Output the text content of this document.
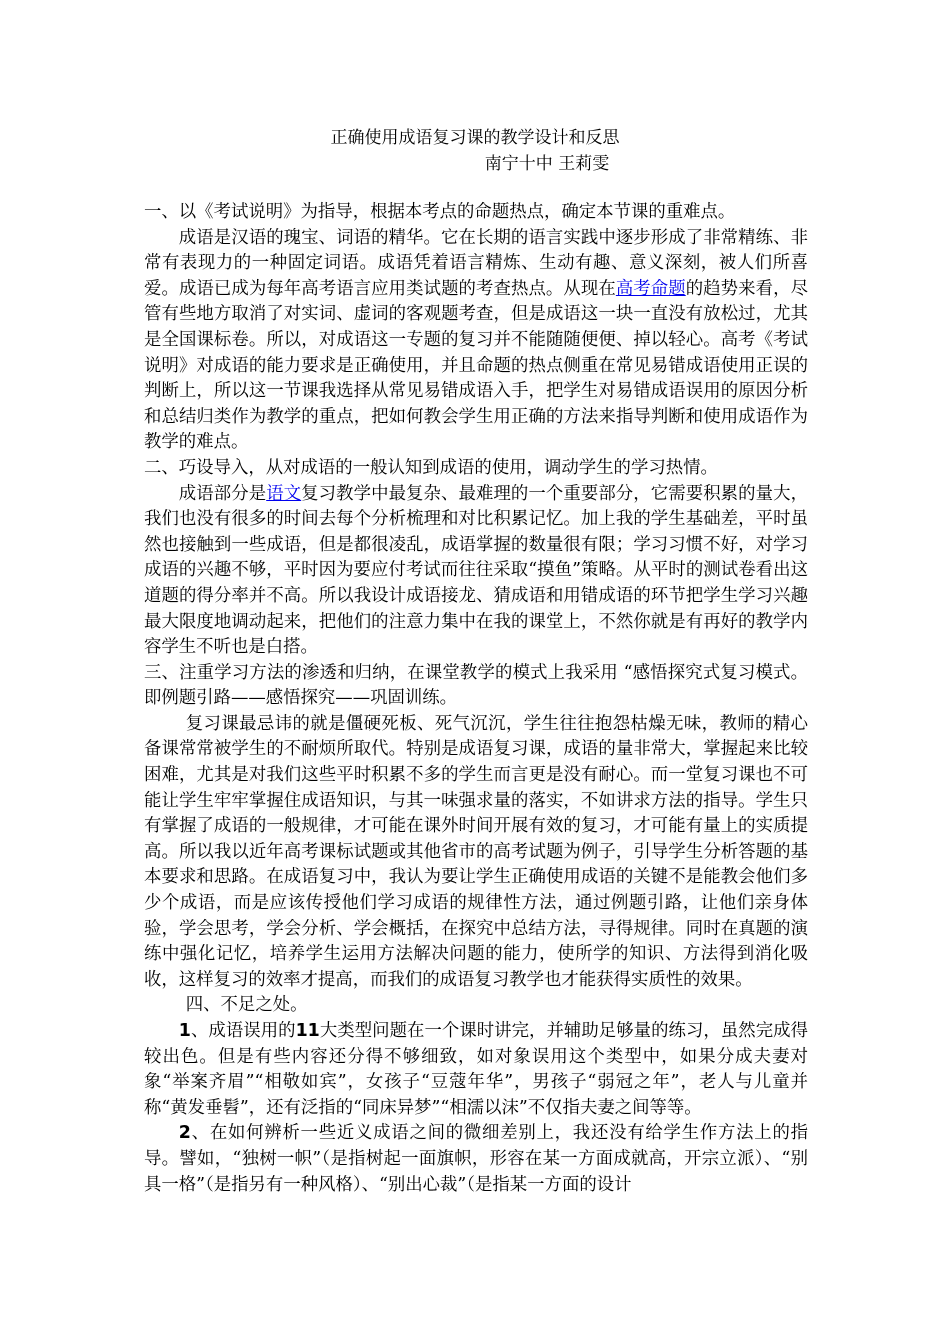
正确使用成语复习课的教学设计和反思
南宁十中 王莉雯

一、以《考试说明》为指导，根据本考点的命题热点，确定本节课的重难点。

成语是汉语的瑰宝、词语的精华。它在长期的语言实践中逐步形成了非常精练、非常有表现力的一种固定词语。成语凭着语言精炼、生动有趣、意义深刻，被人们所喜爱。成语已成为每年高考语言应用类试题的考查热点。从现在高考命题的趋势来看，尽管有些地方取消了对实词、虚词的客观题考查，但是成语这一块一直没有放松过，尤其是全国课标卷。所以，对成语这一专题的复习并不能随随便便、掉以轻心。高考《考试说明》对成语的能力要求是正确使用，并且命题的热点侧重在常见易错成语使用正误的判断上，所以这一节课我选择从常见易错成语入手，把学生对易错成语误用的原因分析和总结归类作为教学的重点，把如何教会学生用正确的方法来指导判断和使用成语作为教学的难点。

二、巧设导入，从对成语的一般认知到成语的使用，调动学生的学习热情。

成语部分是语文复习教学中最复杂、最难理的一个重要部分，它需要积累的量大，我们也没有很多的时间去每个分析梳理和对比积累记忆。加上我的学生基础差，平时虽然也接触到一些成语，但是都很凌乱，成语掌握的数量很有限；学习习惯不好，对学习成语的兴趣不够，平时因为要应付考试而往往采取“摸鱼”策略。从平时的测试卷看出这道题的得分率并不高。所以我设计成语接龙、猜成语和用错成语的环节把学生学习兴趣最大限度地调动起来，把他们的注意力集中在我的课堂上，不然你就是有再好的教学内容学生不听也是白搭。

三、注重学习方法的渗透和归纳，在课堂教学的模式上我采用 “感悟探究式复习模式。即例题引路——感悟探究——巩固训练。

复习课最忌讳的就是僵硬死板、死气沉沉，学生往往抱怨枯燥无味，教师的精心备课常常被学生的不耐烦所取代。特别是成语复习课，成语的量非常大，掌握起来比较困难，尤其是对我们这些平时积累不多的学生而言更是没有耐心。而一堂复习课也不可能让学生牢牢掌握住成语知识，与其一味强求量的落实，不如讲求方法的指导。学生只有掌握了成语的一般规律，才可能在课外时间开展有效的复习，才可能有量上的实质提高。所以我以近年高考课标试题或其他省市的高考试题为例子，引导学生分析答题的基本要求和思路。在成语复习中，我认为要让学生正确使用成语的关键不是能教会他们多少个成语，而是应该传授他们学习成语的规律性方法，通过例题引路，让他们亲身体验，学会思考，学会分析、学会概括，在探究中总结方法，寻得规律。同时在真题的演练中强化记忆，培养学生运用方法解决问题的能力，使所学的知识、方法得到消化吸收，这样复习的效率才提高，而我们的成语复习教学也才能获得实质性的效果。

四、不足之处。

1、成语误用的11大类型问题在一个课时讲完，并辅助足够量的练习，虽然完成得较出色。但是有些内容还分得不够细致，如对象误用这个类型中，如果分成夫妻对象“举案齐眉”“相敬如宾”，女孩子“豆蔻年华”，男孩子“弱冠之年”，老人与儿童并称“黄发垂髫”，还有泛指的“同床异梦”“相濡以沫”不仅指夫妻之间等等。

2、在如何辨析一些近义成语之间的微细差别上，我还没有给学生作方法上的指导。譬如，“独树一帜”（是指树起一面旗帜，形容在某一方面成就高，开宗立派）、“别具一格”（是指另有一种风格）、“别出心裁”（是指某一方面的设计
